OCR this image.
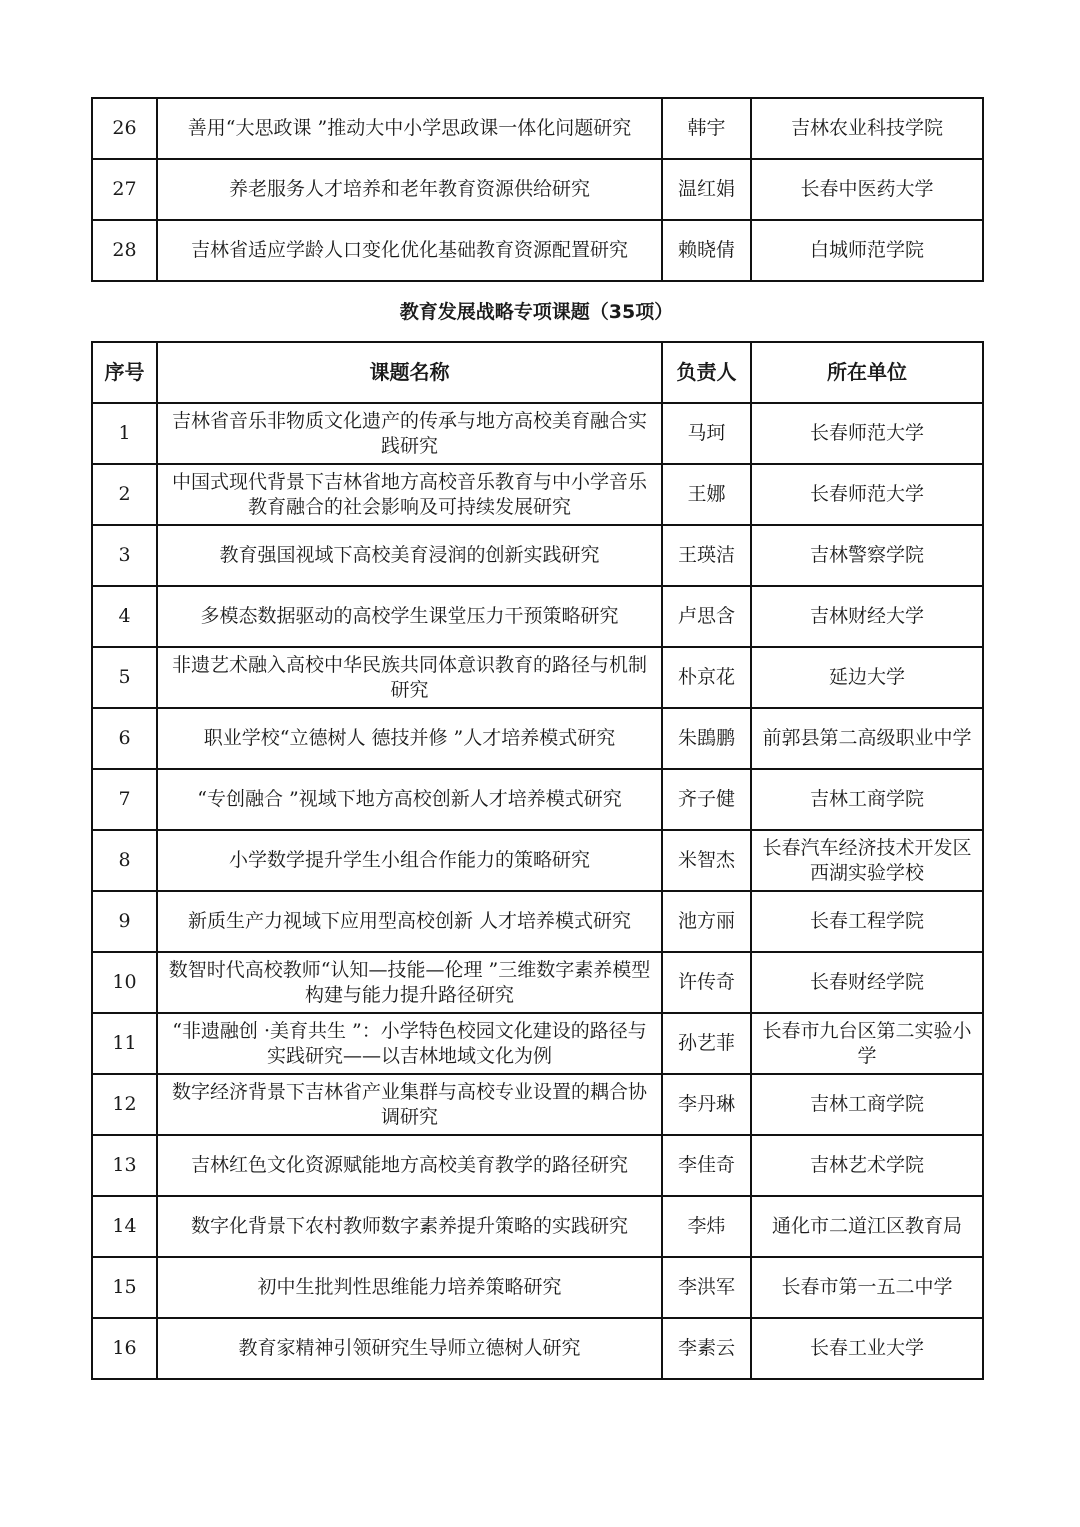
26	善用“大思政课 ”推动大中小学思政课一体化问题研究	韩宇	吉林农业科技学院
27	养老服务人才培养和老年教育资源供给研究	温红娟	长春中医药大学
28	吉林省适应学龄人口变化优化基础教育资源配置研究	赖晓倩	白城师范学院
教育发展战略专项课题（35项）
序号	课题名称	负责人	所在单位
1	吉林省音乐非物质文化遗产的传承与地方高校美育融合实践研究	马珂	长春师范大学
2	中国式现代背景下吉林省地方高校音乐教育与中小学音乐教育融合的社会影响及可持续发展研究	王娜	长春师范大学
3	教育强国视域下高校美育浸润的创新实践研究	王瑛洁	吉林警察学院
4	多模态数据驱动的高校学生课堂压力干预策略研究	卢思含	吉林财经大学
5	非遗艺术融入高校中华民族共同体意识教育的路径与机制研究	朴京花	延边大学
6	职业学校“立德树人 德技并修 ”人才培养模式研究	朱鵾鹏	前郭县第二高级职业中学
7	“专创融合 ”视域下地方高校创新人才培养模式研究	齐子健	吉林工商学院
8	小学数学提升学生小组合作能力的策略研究	米智杰	长春汽车经济技术开发区西湖实验学校
9	新质生产力视域下应用型高校创新 人才培养模式研究	池方丽	长春工程学院
10	数智时代高校教师“认知—技能—伦理 ”三维数字素养模型构建与能力提升路径研究	许传奇	长春财经学院
11	“非遗融创 ·美育共生 ”：小学特色校园文化建设的路径与实践研究——以吉林地域文化为例	孙艺菲	长春市九台区第二实验小学
12	数字经济背景下吉林省产业集群与高校专业设置的耦合协调研究	李丹琳	吉林工商学院
13	吉林红色文化资源赋能地方高校美育教学的路径研究	李佳奇	吉林艺术学院
14	数字化背景下农村教师数字素养提升策略的实践研究	李炜	通化市二道江区教育局
15	初中生批判性思维能力培养策略研究	李洪军	长春市第一五二中学
16	教育家精神引领研究生导师立德树人研究	李素云	长春工业大学
